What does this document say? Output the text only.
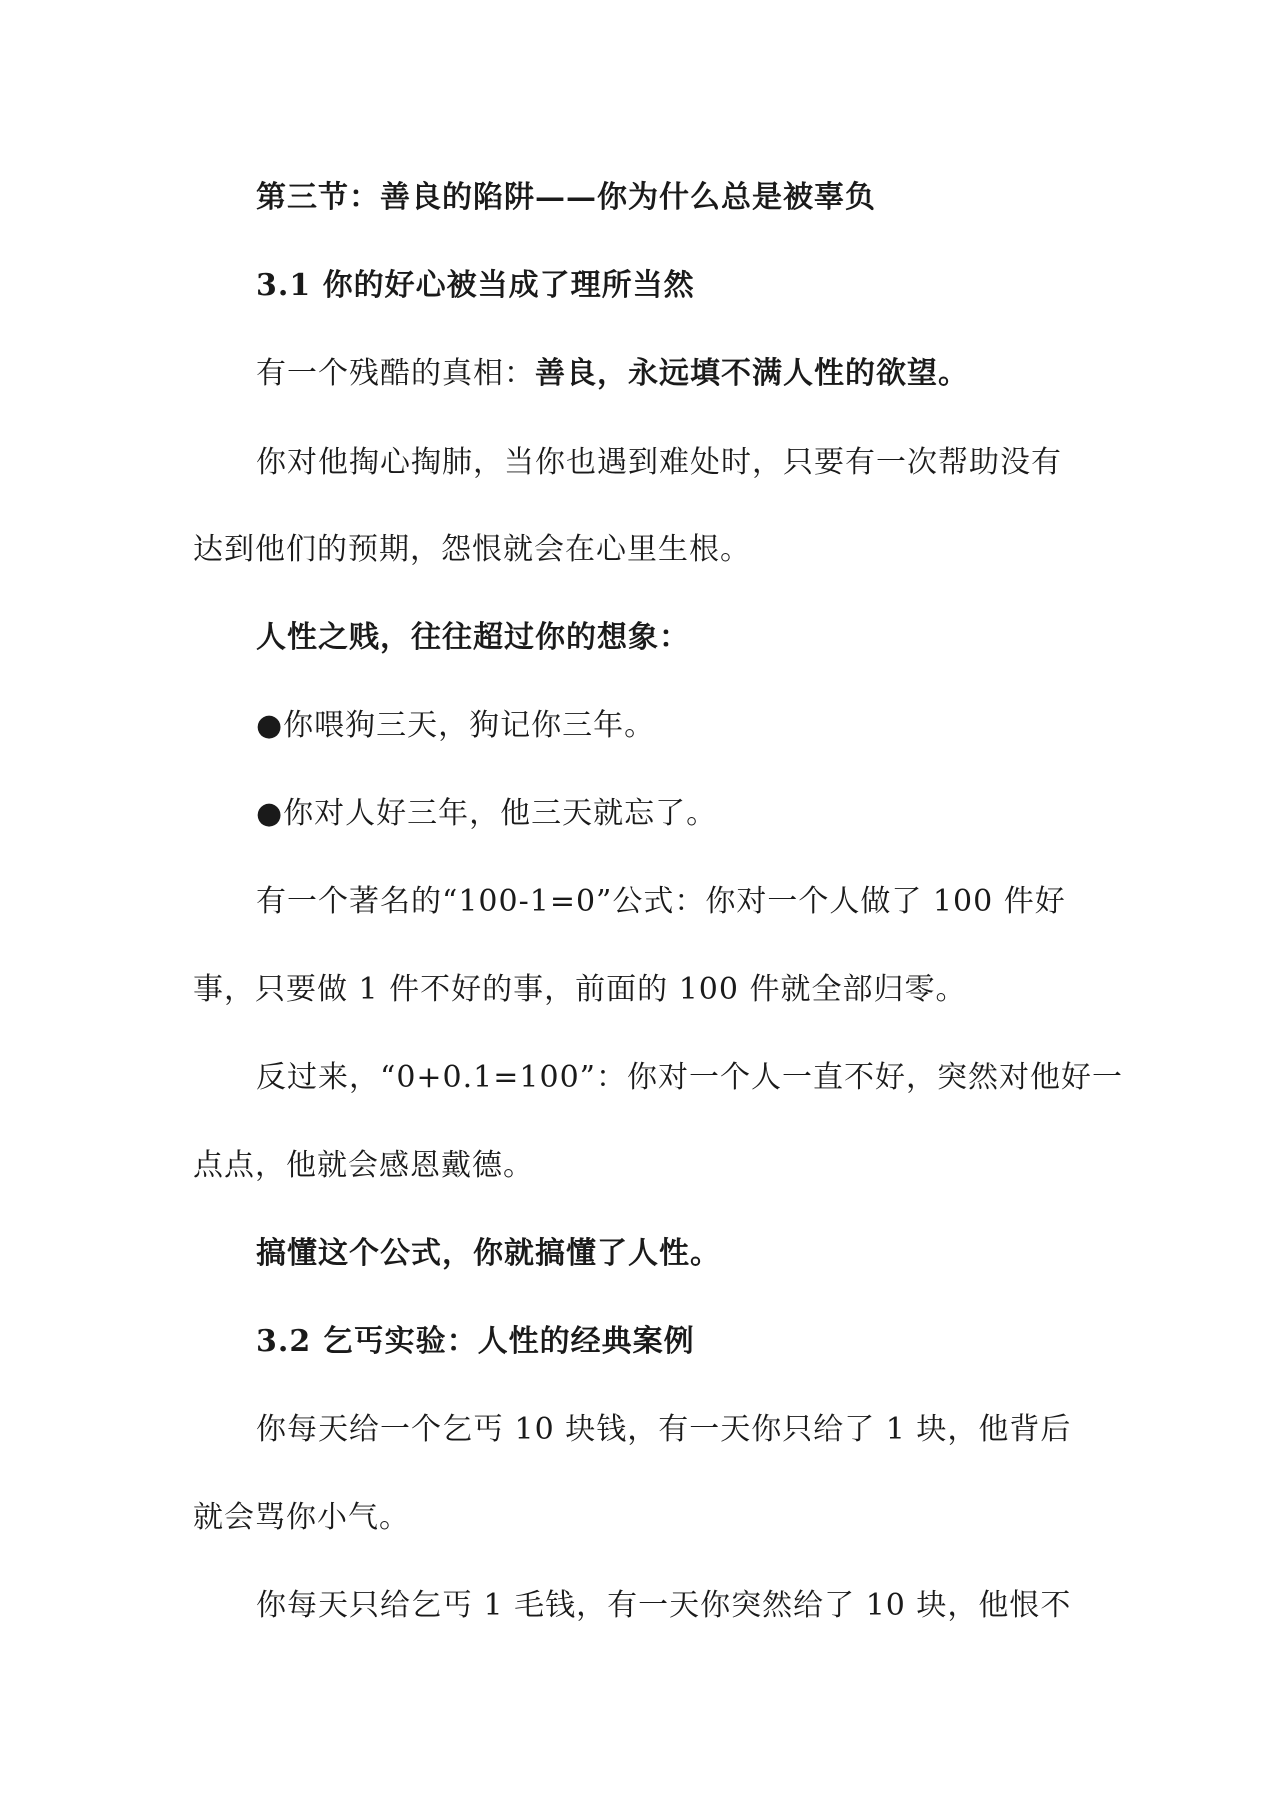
第三节：善良的陷阱——你为什么总是被辜负
3.1 你的好心被当成了理所当然
有一个残酷的真相：善良，永远填不满人性的欲望。
你对他掏心掏肺，当你也遇到难处时，只要有一次帮助没有
达到他们的预期，怨恨就会在心里生根。
人性之贱，往往超过你的想象：
●你喂狗三天，狗记你三年。
●你对人好三年，他三天就忘了。
有一个著名的“100-1=0”公式：你对一个人做了 100 件好
事，只要做 1 件不好的事，前面的 100 件就全部归零。
反过来，“0+0.1=100”：你对一个人一直不好，突然对他好一
点点，他就会感恩戴德。
搞懂这个公式，你就搞懂了人性。
3.2 乞丐实验：人性的经典案例
你每天给一个乞丐 10 块钱，有一天你只给了 1 块，他背后
就会骂你小气。
你每天只给乞丐 1 毛钱，有一天你突然给了 10 块，他恨不
